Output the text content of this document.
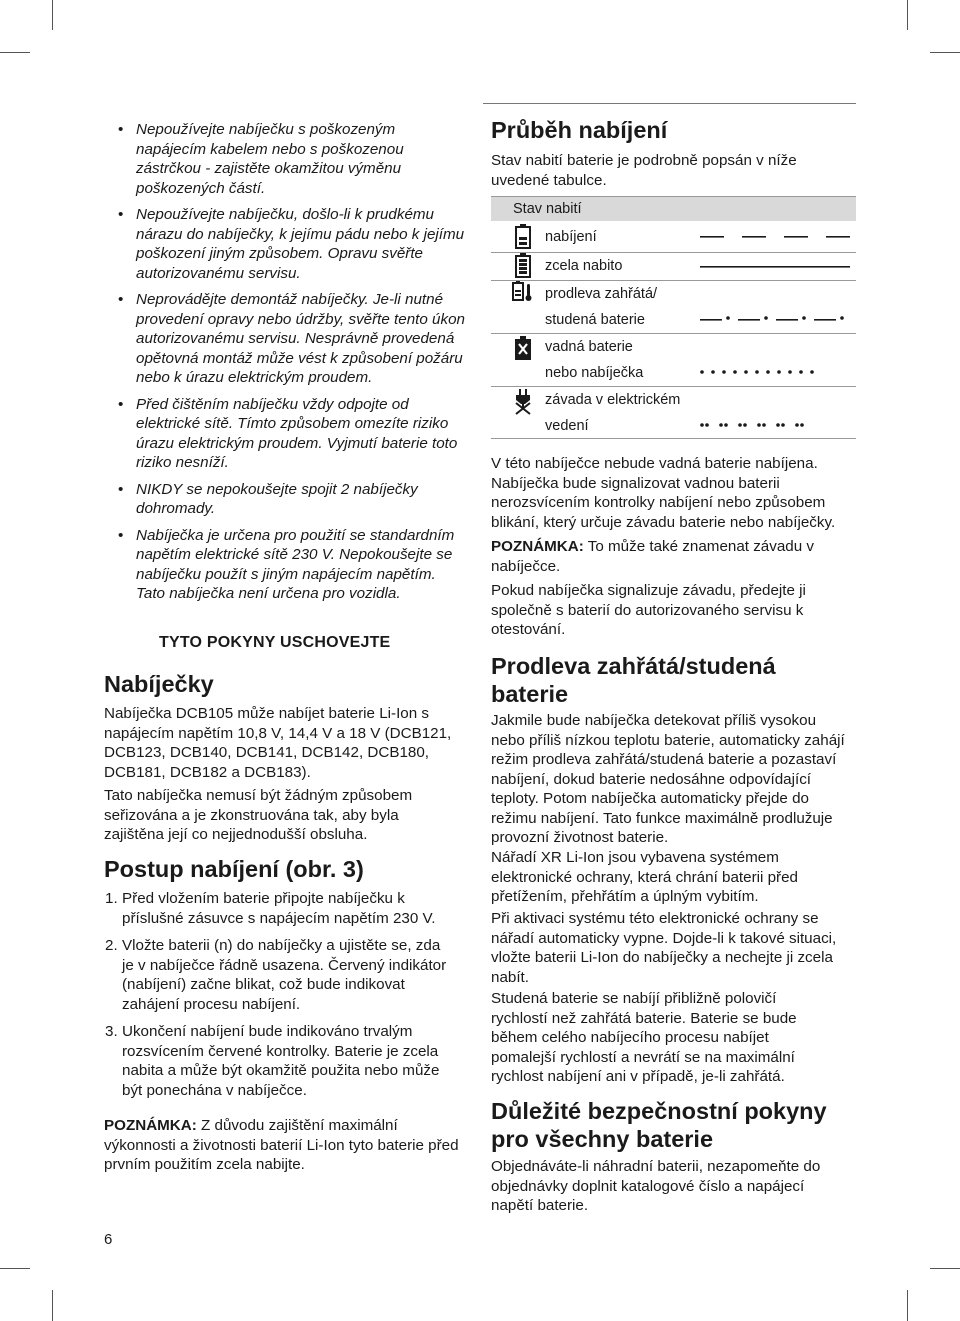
• Nepoužívejte nabíječku s poškozeným napájecím kabelem nebo s poškozenou zástrčkou - zajistěte okamžitou výměnu poškozených částí.
• Nepoužívejte nabíječku, došlo-li k prudkému nárazu do nabíječky, k jejímu pádu nebo k jejímu poškození jiným způsobem. Opravu svěřte autorizovanému servisu.
• Neprovádějte demontáž nabíječky. Je-li nutné provedení opravy nebo údržby, svěřte tento úkon autorizovanému servisu. Nesprávně provedená opětovná montáž může vést k způsobení požáru nebo k úrazu elektrickým proudem.
• Před čištěním nabíječku vždy odpojte od elektrické sítě. Tímto způsobem omezíte riziko úrazu elektrickým proudem. Vyjmutí baterie toto riziko nesníží.
• NIKDY se nepokoušejte spojit 2 nabíječky dohromady.
• Nabíječka je určena pro použití se standardním napětím elektrické sítě 230 V. Nepokoušejte se nabíječku použít s jiným napájecím napětím. Tato nabíječka není určena pro vozidla.
TYTO POKYNY USCHOVEJTE
Nabíječky

Nabíječka DCB105 může nabíjet baterie Li-Ion s napájecím napětím 10,8 V, 14,4 V a 18 V (DCB121, DCB123, DCB140, DCB141, DCB142, DCB180, DCB181, DCB182 a DCB183).

Tato nabíječka nemusí být žádným způsobem seřizována a je zkonstruována tak, aby byla zajištěna její co nejjednodušší obsluha.

Postup nabíjení (obr. 3)
1. Před vložením baterie připojte nabíječku k příslušné zásuvce s napájecím napětím 230 V.
2. Vložte baterii (n) do nabíječky a ujistěte se, zda je v nabíječce řádně usazena. Červený indikátor (nabíjení) začne blikat, což bude indikovat zahájení procesu nabíjení.
3. Ukončení nabíjení bude indikováno trvalým rozsvícením červené kontrolky. Baterie je zcela nabita a může být okamžitě použita nebo může být ponechána v nabíječce.

POZNÁMKA: Z důvodu zajištění maximální výkonnosti a životnosti baterií Li-Ion tyto baterie před prvním použitím zcela nabijte.

Průběh nabíjení

Stav nabití baterie je podrobně popsán v níže uvedené tabulce.

Stav nabití
nabíjení
zcela nabito
prodleva zahřátá/
studená baterie
vadná baterie
nebo nabíječka
závada v elektrickém
vedení

V této nabíječce nebude vadná baterie nabíjena. Nabíječka bude signalizovat vadnou baterii nerozsvícením kontrolky nabíjení nebo způsobem blikání, který určuje závadu baterie nebo nabíječky.

POZNÁMKA: To může také znamenat závadu v nabíječce.

Pokud nabíječka signalizuje závadu, předejte ji společně s baterií do autorizovaného servisu k otestování.

Prodleva zahřátá/studená baterie

Jakmile bude nabíječka detekovat příliš vysokou nebo příliš nízkou teplotu baterie, automaticky zahájí režim prodleva zahřátá/studená baterie a pozastaví nabíjení, dokud baterie nedosáhne odpovídající teploty. Potom nabíječka automaticky přejde do režimu nabíjení. Tato funkce maximálně prodlužuje provozní životnost baterie.

Nářadí XR Li-Ion jsou vybavena systémem elektronické ochrany, která chrání baterii před přetížením, přehřátím a úplným vybitím.

Při aktivaci systému této elektronické ochrany se nářadí automaticky vypne. Dojde-li k takové situaci, vložte baterii Li-Ion do nabíječky a nechejte ji zcela nabít.

Studená baterie se nabíjí přibližně polovičí rychlostí než zahřátá baterie. Baterie se bude během celého nabíjecího procesu nabíjet pomalejší rychlostí a nevrátí se na maximální rychlost nabíjení ani v případě, je-li zahřátá.

Důležité bezpečnostní pokyny pro všechny baterie

Objednáváte-li náhradní baterii, nezapomeňte do objednávky doplnit katalogové číslo a napájecí napětí baterie.

6
